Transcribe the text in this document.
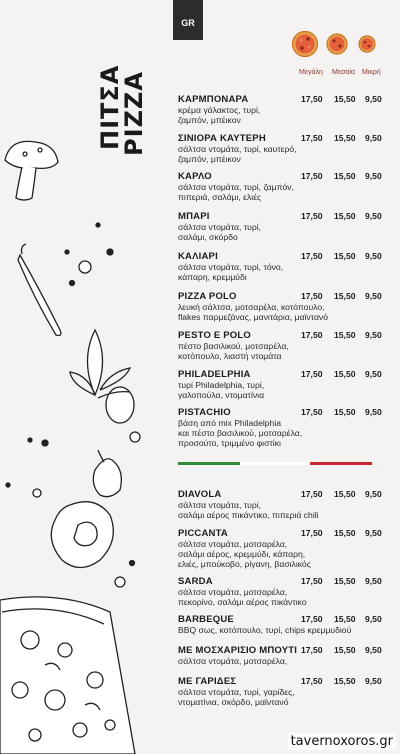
GR
ΠΙΤΣΑ
PIZZA	Μεγάλη Μεσαία Μικρή
ΚΑΡΜΠΟΝΑΡΑ
κρέμα γάλακτος, τυρί,
ζαμπόν, μπέικον
17,50 15,50 9,50
ΣΙΝΙΟΡΑ ΚΑΥΤΕΡΗ
σάλτσα ντομάτα, τυρί, καυτερό,
ζαμπόν, μπέικον
17,50 15,50 9,50
ΚΑΡΛΟ
σάλτσα ντομάτα, τυρί, ζαμπόν,
πιπεριά, σαλάμι, ελιές
17,50 15,50 9,50
ΜΠΑΡΙ
σάλτσα ντομάτα, τυρί,
σαλάμι, σκόρδο
17,50 15,50 9,50
ΚΑΛΙΑΡΙ
σάλτσα ντομάτα, τυρί, τόνο,
κάπαρη, κρεμμύδι
17,50 15,50 9,50
PIZZA POLO
λευκή σάλτσα, μοτσαρέλα, κοτόπουλο,
flakes παρμεζάνας, μανιτάρια, μαϊντανό
17,50 15,50 9,50
PESTO E POLO
πέστο βασιλικού, μοτσαρέλα,
κοτόπουλο, λιαστή ντομάτα
17,50 15,50 9,50
PHILADELPHIA
τυρί Philadelphia, τυρί,
γαλοπούλα, ντοματίνια
17,50 15,50 9,50
PISTACHIO
βάση από mix Philadelphia
και πέστο βασιλικού, μοτσαρέλα,
προσούτο, τριμμένο φιστίκι
17,50 15,50 9,50
DIAVOLA
σάλτσα ντομάτα, τυρί,
σαλάμι αέρος πικάντικο, πιπεριά chili
17,50 15,50 9,50
PICCANTA
σάλτσα ντομάτα, μοτσαρέλα,
σαλάμι αέρος, κρεμμύδι, κάπαρη,
ελιές, μπούκοβο, ρίγανη, βασιλικός
17,50 15,50 9,50
SARDA
σάλτσα ντομάτα, μοτσαρέλα,
πεκορίνο, σαλάμι αέρος πικάντικο
17,50 15,50 9,50
BARBEQUE
BBQ σως, κοτόπουλο, τυρί, chips κρεμμυδιού
17,50 15,50 9,50
ΜΕ ΜΟΣΧΑΡΙΣΙΟ ΜΠΟΥΤΙ
σάλτσα ντομάτα, μοτσαρέλα,
17,50 15,50 9,50
ΜΕ ΓΑΡΙΔΕΣ
σάλτσα ντομάτα, τυρί, γαρίδες,
ντοματίνια, σκόρδο, μαϊντανό
17,50 15,50 9,50
tavernoxoros.gr
